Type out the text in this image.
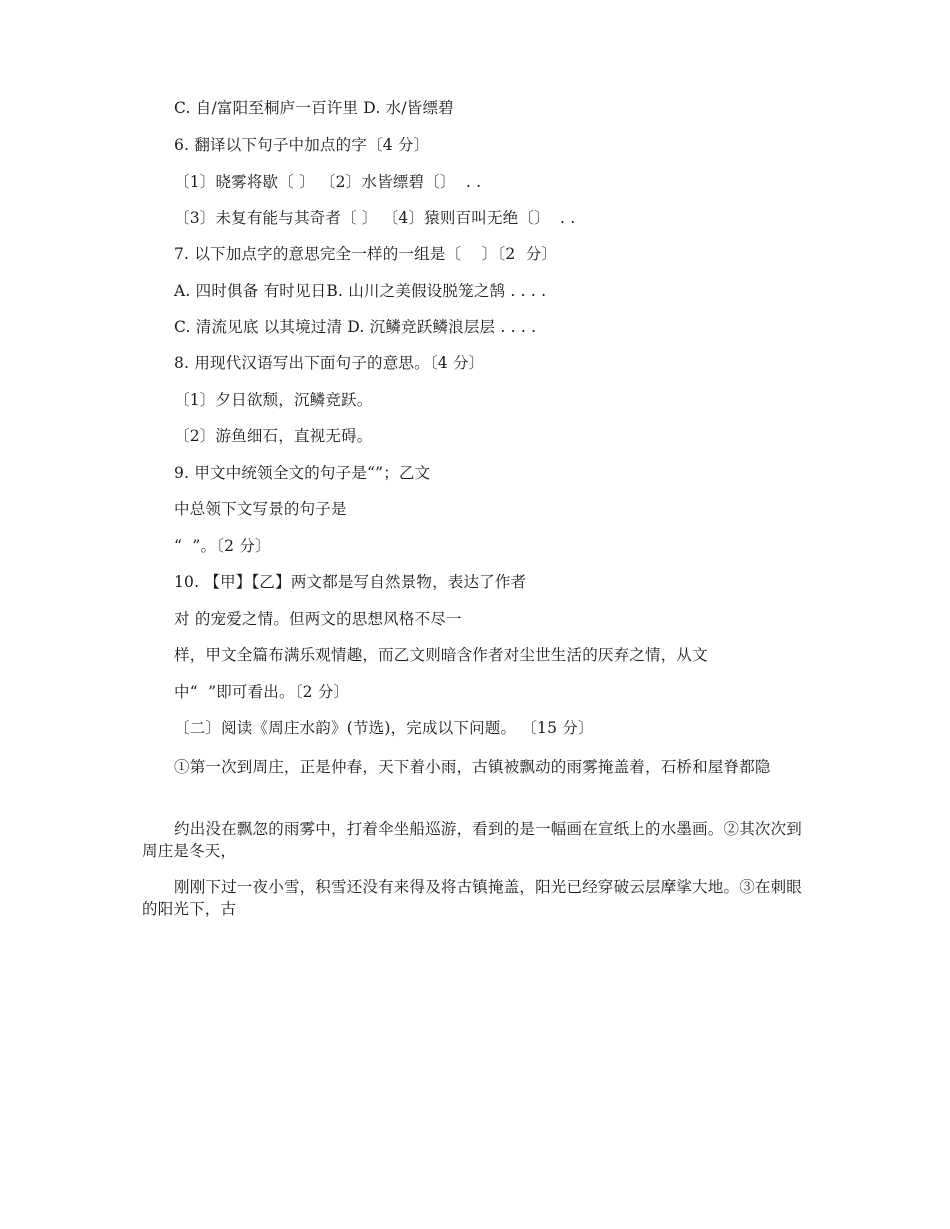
C. 自/富阳至桐庐一百许里 D. 水/皆缥碧
6. 翻译以下句子中加点的字〔4 分〕
〔1〕晓雾将歇〔 〕 〔2〕水皆缥碧〔〕  . .
〔3〕未复有能与其奇者〔 〕 〔4〕猿则百叫无绝〔〕  . .
7. 以下加点字的意思完全一样的一组是〔    〕〔2  分〕
A. 四时俱备 有时见日B. 山川之美假设脱笼之鹄 . . . .
C. 清流见底 以其境过清 D. 沉鳞竞跃鳞浪层层 . . . .
8. 用现代汉语写出下面句子的意思。〔4 分〕
〔1〕夕日欲颓，沉鳞竞跃。
〔2〕游鱼细石，直视无碍。
9. 甲文中统领全文的句子是“”；乙文
中总领下文写景的句子是
“  ”。〔2 分〕
10. 【甲】【乙】两文都是写自然景物，表达了作者
对 的宠爱之情。但两文的思想风格不尽一
样，甲文全篇布满乐观情趣，而乙文则暗含作者对尘世生活的厌弃之情，从文
中“  ”即可看出。〔2 分〕
〔二〕阅读《周庄水韵》(节选)，完成以下问题。 〔15 分〕
①第一次到周庄，正是仲春，天下着小雨，古镇被飘动的雨雾掩盖着，石桥和屋脊都隐
约出没在飘忽的雨雾中，打着伞坐船巡游，看到的是一幅画在宣纸上的水墨画。②其次次到周庄是冬天，
刚刚下过一夜小雪，积雪还没有来得及将古镇掩盖，阳光已经穿破云层摩挲大地。③在刺眼的阳光下，古
